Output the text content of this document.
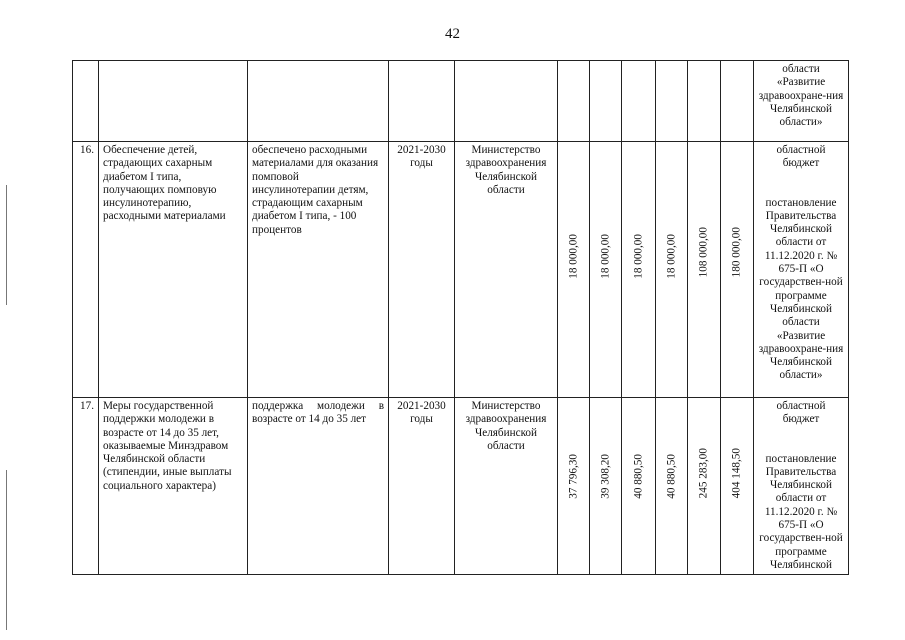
42

											области «Развитие здравоохране-ния Челябинской области»

16.	Обеспечение детей, страдающих сахарным диабетом I типа, получающих помповую инсулинотерапию, расходными материалами	обеспечено расходными материалами для оказания помповой инсулинотерапии детям, страдающим сахарным диабетом I типа, - 100 процентов	2021-2030 годы	Министерство здравоохранения Челябинской области	18 000,00	18 000,00	18 000,00	18 000,00	108 000,00	180 000,00	областной бюджет
постановление Правительства Челябинской области от 11.12.2020 г. № 675-П «О государствен-ной программе Челябинской области «Развитие здравоохране-ния Челябинской области»

17.	Меры государственной поддержки молодежи в возрасте от 14 до 35 лет, оказываемые Минздравом Челябинской области (стипендии, иные выплаты социального характера)	поддержка молодежи в возрасте от 14 до 35 лет	2021-2030 годы	Министерство здравоохранения Челябинской области	37 796,30	39 308,20	40 880,50	40 880,50	245 283,00	404 148,50	областной бюджет
постановление Правительства Челябинской области от 11.12.2020 г. № 675-П «О государствен-ной программе Челябинской
